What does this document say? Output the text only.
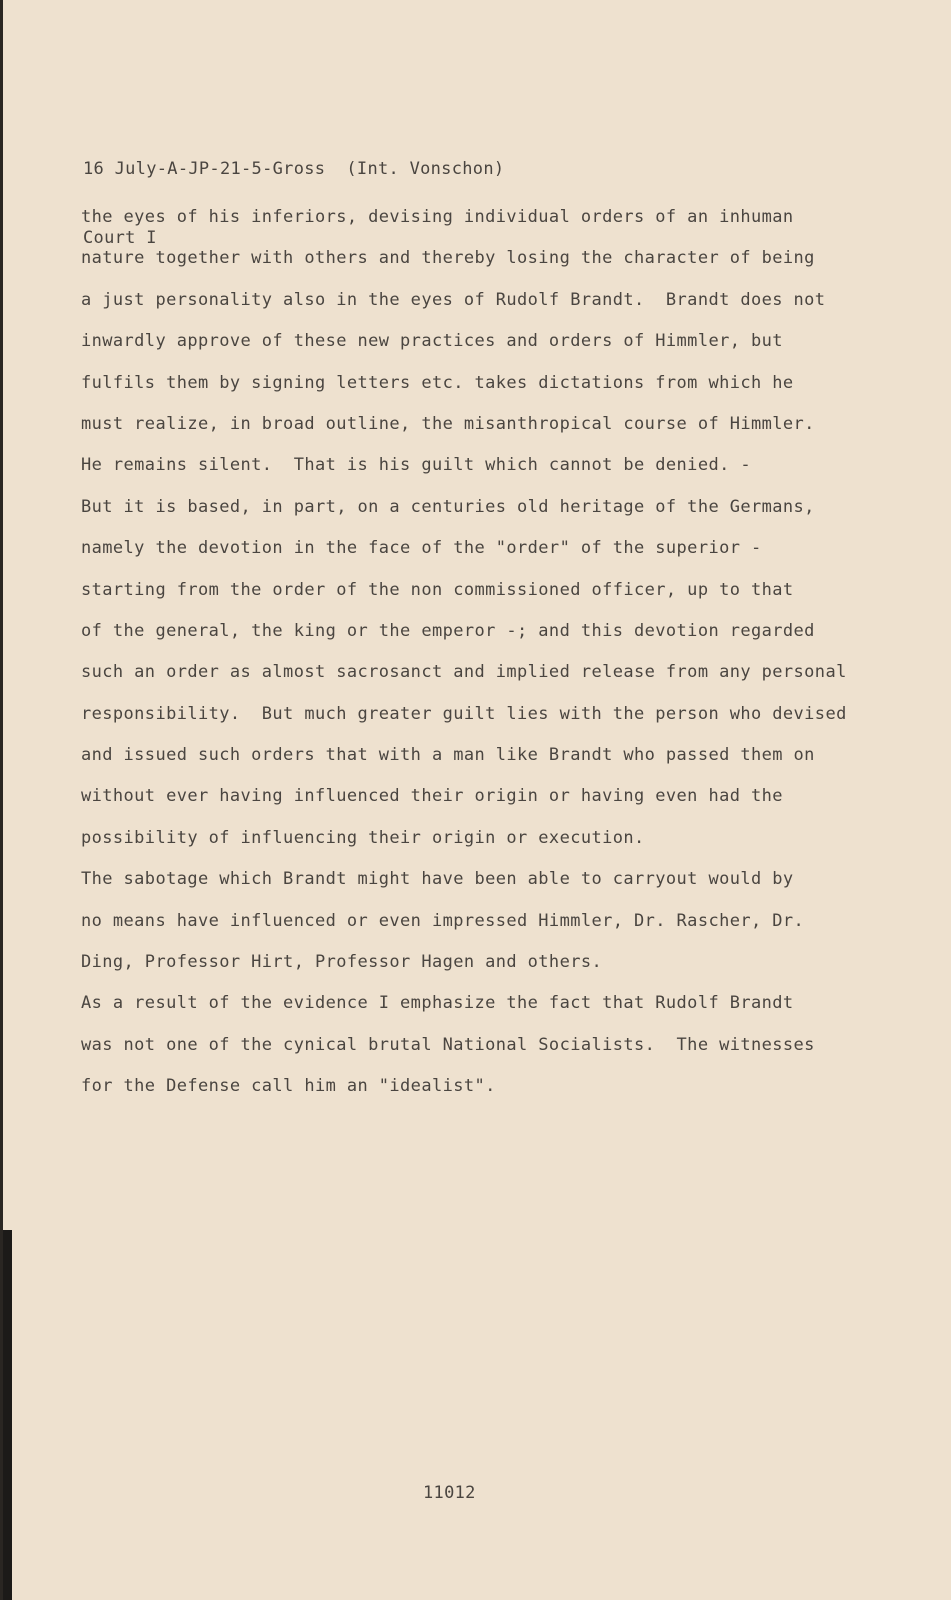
16 July-A-JP-21-5-Gross  (Int. Vonschon)

Court I

the eyes of his inferiors, devising individual orders of an inhuman
nature together with others and thereby losing the character of being
a just personality also in the eyes of Rudolf Brandt.  Brandt does not
inwardly approve of these new practices and orders of Himmler, but
fulfils them by signing letters etc. takes dictations from which he
must realize, in broad outline, the misanthropical course of Himmler.
He remains silent.  That is his guilt which cannot be denied. -
But it is based, in part, on a centuries old heritage of the Germans,
namely the devotion in the face of the "order" of the superior -
starting from the order of the non commissioned officer, up to that
of the general, the king or the emperor -; and this devotion regarded
such an order as almost sacrosanct and implied release from any personal
responsibility.  But much greater guilt lies with the person who devised
and issued such orders that with a man like Brandt who passed them on
without ever having influenced their origin or having even had the
possibility of influencing their origin or execution.
The sabotage which Brandt might have been able to carryout would by
no means have influenced or even impressed Himmler, Dr. Rascher, Dr.
Ding, Professor Hirt, Professor Hagen and others.
As a result of the evidence I emphasize the fact that Rudolf Brandt
was not one of the cynical brutal National Socialists.  The witnesses
for the Defense call him an "idealist".
11012
